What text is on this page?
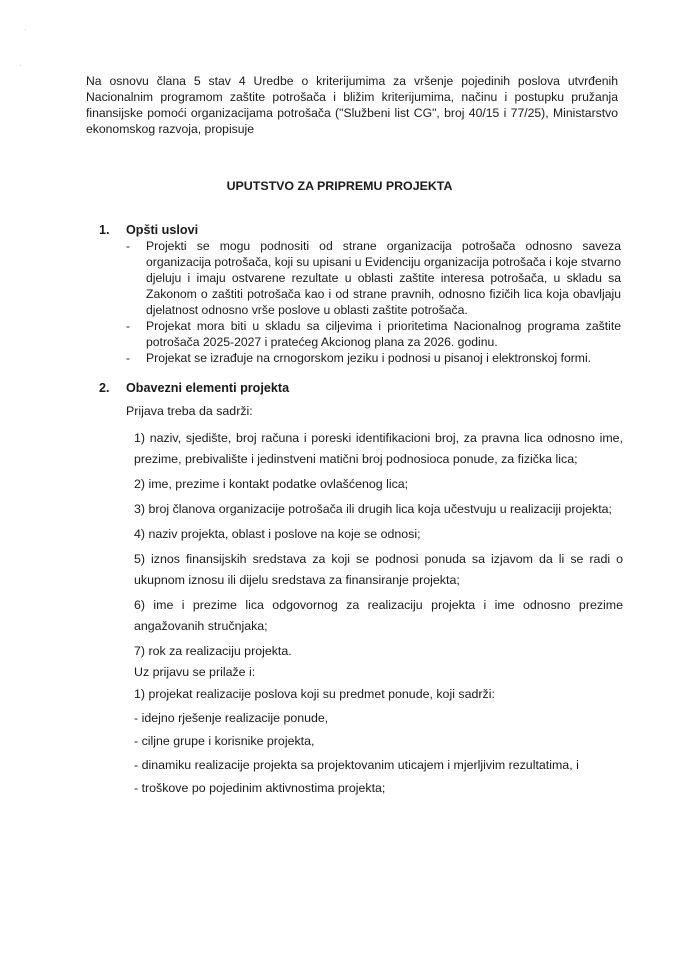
ˋ
·

Na osnovu člana 5 stav 4 Uredbe o kriterijumima za vršenje pojedinih poslova utvrđenih Nacionalnim programom zaštite potrošača i bližim kriterijumima, načinu i postupku pružanja finansijske pomoći organizacijama potrošača ("Službeni list CG", broj 40/15 i 77/25), Ministarstvo ekonomskog razvoja, propisuje

UPUTSTVO ZA PRIPREMU PROJEKTA
1. Opšti uslovi
- Projekti se mogu podnositi od strane organizacija potrošača odnosno saveza organizacija potrošača, koji su upisani u Evidenciju organizacija potrošača i koje stvarno djeluju i imaju ostvarene rezultate u oblasti zaštite interesa potrošača, u skladu sa Zakonom o zaštiti potrošača kao i od strane pravnih, odnosno fizičih lica koja obavljaju djelatnost odnosno vrše poslove u oblasti zaštite potrošača.
- Projekat mora biti u skladu sa ciljevima i prioritetima Nacionalnog programa zaštite potrošača 2025-2027 i pratećeg Akcionog plana za 2026. godinu.
- Projekat se izrađuje na crnogorskom jeziku i podnosi u pisanoj i elektronskoj formi.
2. Obavezni elementi projekta
Prijava treba da sadrži:
1) naziv, sjedište, broj računa i poreski identifikacioni broj, za pravna lica odnosno ime, prezime, prebivalište i jedinstveni matični broj podnosioca ponude, za fizička lica;
2) ime, prezime i kontakt podatke ovlašćenog lica;
3) broj članova organizacije potrošača ili drugih lica koja učestvuju u realizaciji projekta;
4) naziv projekta, oblast i poslove na koje se odnosi;
5) iznos finansijskih sredstava za koji se podnosi ponuda sa izjavom da li se radi o ukupnom iznosu ili dijelu sredstava za finansiranje projekta;
6) ime i prezime lica odgovornog za realizaciju projekta i ime odnosno prezime angažovanih stručnjaka;
7) rok za realizaciju projekta.
Uz prijavu se prilaže i:
1) projekat realizacije poslova koji su predmet ponude, koji sadrži:
- idejno rješenje realizacije ponude,
- ciljne grupe i korisnike projekta,
- dinamiku realizacije projekta sa projektovanim uticajem i mjerljivim rezultatima, i
- troškove po pojedinim aktivnostima projekta;
